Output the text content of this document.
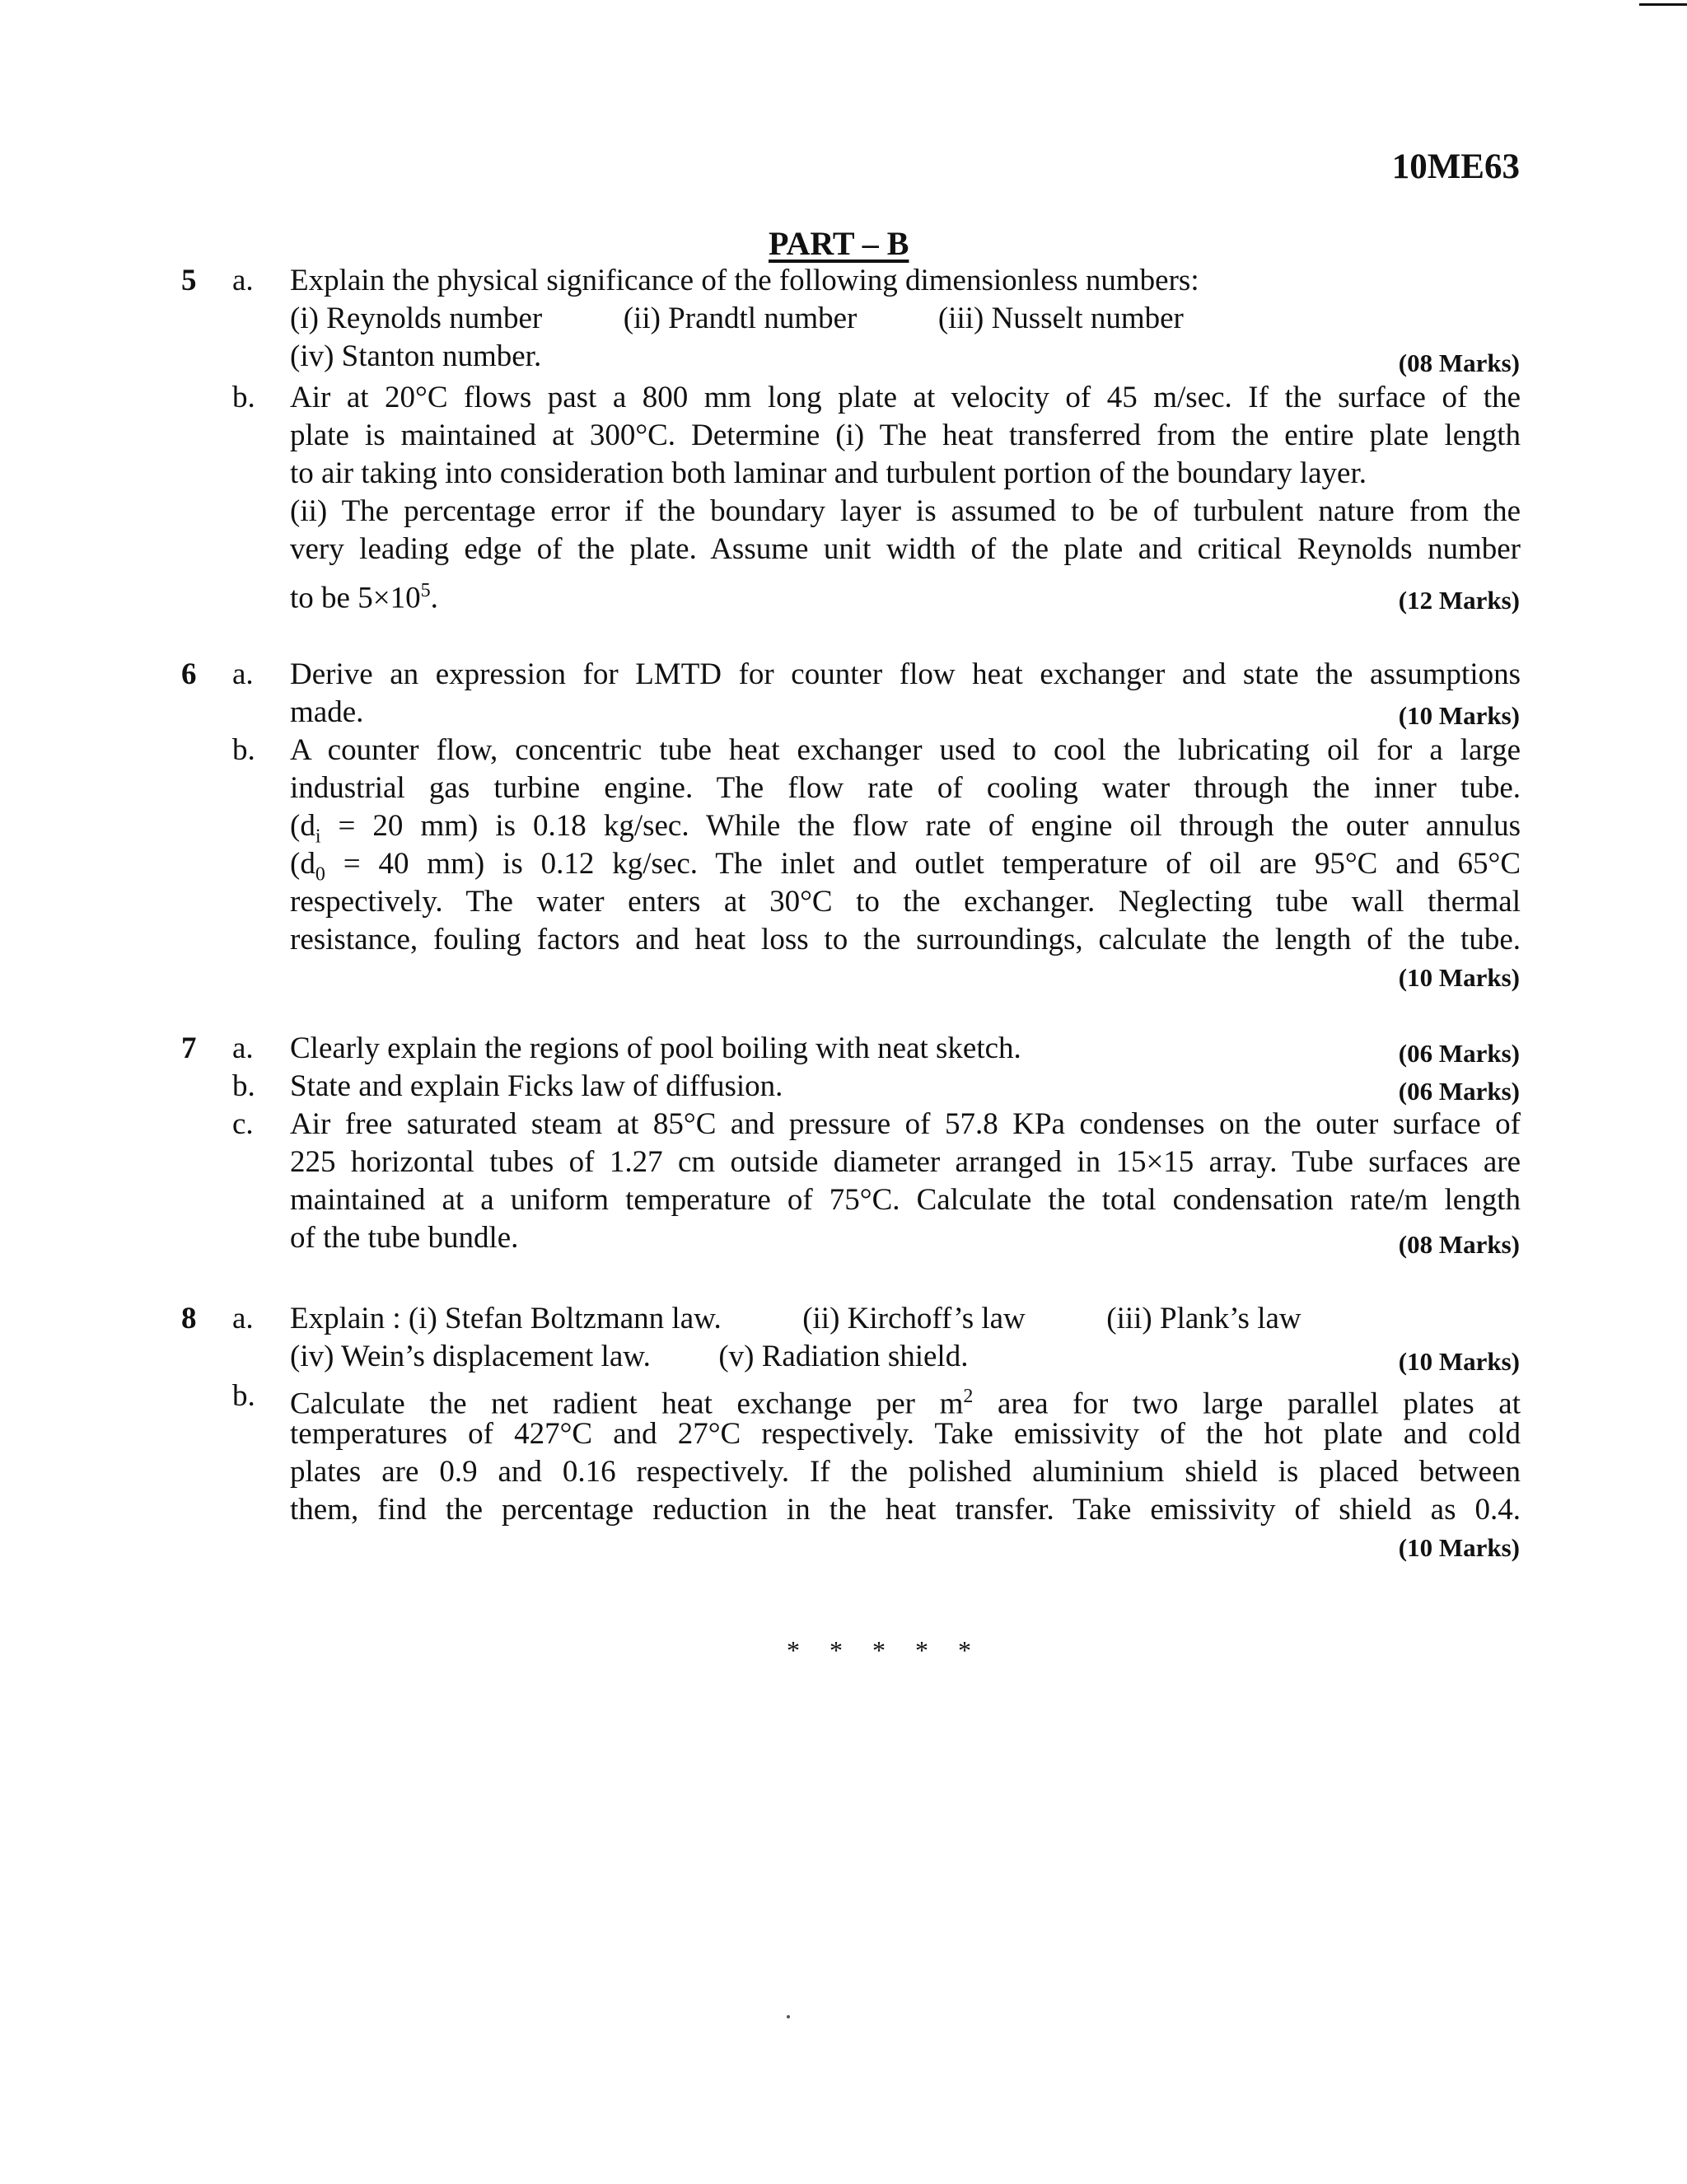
10ME63
PART – B
5	a.	Explain the physical significance of the following dimensionless numbers:
(i) Reynolds number	(ii) Prandtl number	(iii) Nusselt number
(iv) Stanton number.	(08 Marks)
b.	Air at 20°C flows past a 800 mm long plate at velocity of 45 m/sec. If the surface of the
plate is maintained at 300°C. Determine (i) The heat transferred from the entire plate length
to air taking into consideration both laminar and turbulent portion of the boundary layer.
(ii) The percentage error if the boundary layer is assumed to be of turbulent nature from the
very leading edge of the plate. Assume unit width of the plate and critical Reynolds number
to be $5\times 10^5$.	(12 Marks)
6	a.	Derive an expression for LMTD for counter flow heat exchanger and state the assumptions
made.	(10 Marks)
b.	A counter flow, concentric tube heat exchanger used to cool the lubricating oil for a large
industrial gas turbine engine. The flow rate of cooling water through the inner tube.
($d_i = 20$ mm) is 0.18 kg/sec. While the flow rate of engine oil through the outer annulus
($d_0 = 40$ mm) is 0.12 kg/sec. The inlet and outlet temperature of oil are 95°C and 65°C
respectively. The water enters at 30°C to the exchanger. Neglecting tube wall thermal
resistance, fouling factors and heat loss to the surroundings, calculate the length of the tube.
(10 Marks)
7	a.	Clearly explain the regions of pool boiling with neat sketch.	(06 Marks)
b.	State and explain Ficks law of diffusion.	(06 Marks)
c.	Air free saturated steam at 85°C and pressure of 57.8 KPa condenses on the outer surface of
225 horizontal tubes of 1.27 cm outside diameter arranged in 15×15 array. Tube surfaces are
maintained at a uniform temperature of 75°C. Calculate the total condensation rate/m length
of the tube bundle.	(08 Marks)
8	a.	Explain : (i) Stefan Boltzmann law.	(ii) Kirchoff’s law	(iii) Plank’s law
(iv) Wein’s displacement law. (v) Radiation shield.	(10 Marks)
b.	Calculate the net radient heat exchange per $m^2$ area for two large parallel plates at
temperatures of 427°C and 27°C respectively. Take emissivity of the hot plate and cold
plates are 0.9 and 0.16 respectively. If the polished aluminium shield is placed between
them, find the percentage reduction in the heat transfer. Take emissivity of shield as 0.4.
(10 Marks)
* * * * *
